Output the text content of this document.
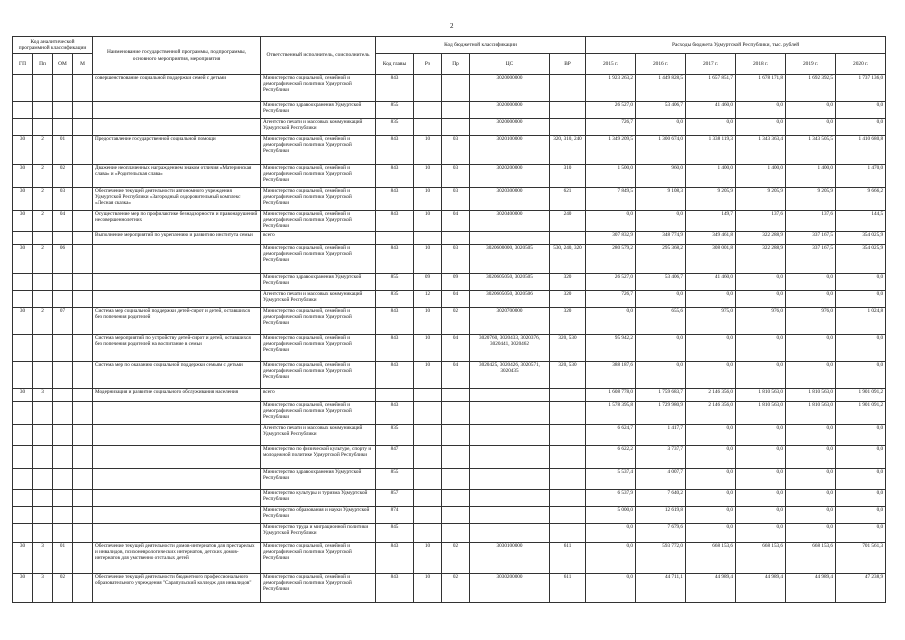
2
Код аналитической программной классификации				Наименование государственной программы, подпрограммы, основного мероприятия, мероприятия	Ответственный исполнитель, соисполнитель	Код бюджетной классификации					Расходы бюджета Удмуртской Республики, тыс. рублей					
ГП	Пп	ОМ	М			Код главы	Рз	Пр	ЦС	ВР	2015 г.	2016 г.	2017 г.	2018 г.	2019 г.	2020 г.
				совершенствование социальной поддержки семей с детьми	Министерство социальной, семейной и демографической политики Удмуртской Республики	843			3020000000		1 923 263,2	1 449 828,5	1 657 851,7	1 678 171,8	1 692 392,5	1 737 136,0
					Министерство здравоохранения Удмуртской Республики	855			3020000000		26 527,0	53 406,7	41 460,0	0,0	0,0	0,0
					Агентство печати и массовых коммуникаций Удмуртской Республики	835			3020000000		726,7	0,0	0,0	0,0	0,0	0,0
30	2	01		Предоставление государственной социальной помощи	Министерство социальной, семейной и демографической политики Удмуртской Республики	843	10	03	3020100000	320, 310, 240	1 349 209,5	1 300 674,0	1 338 119,3	1 343 363,4	1 343 505,5	1 410 680,8
30	2	02		Дважение неоплаченных награждением знаком отличия «Материнская слава» и «Родительская слава»	Министерство социальной, семейной и демографической политики Удмуртской Республики	843	10	03	3020200000	310	1 500,0	960,0	1 400,0	1 400,0	1 400,0	1 470,0
30	2	03		Обеспечение текущей деятельности автономного учреждения Удмуртской Республики «Загородный оздоровительный комплекс «Лесная сказка»	Министерство социальной, семейной и демографической политики Удмуртской Республики	843	10	03	3020300000	621	7 849,5	9 108,3	9 205,9	9 205,9	9 205,9	9 666,2
30	2	04		Осуществление мер по профилактике безнадзорности и правонарушений несовершеннолетних	Министерство социальной, семейной и демографической политики Удмуртской Республики	843	10	04	3020400000	240	0,0	0,0	149,7	137,6	137,6	144,5
				Выполнение мероприятий по укреплению и развитию института семьи	всего						307 832,9	348 774,9	349 461,8	322 288,9	337 167,5	354 025,9
30	2	06			Министерство социальной, семейной и демографической политики Удмуртской Республики	843	10	03	3020600000, 3020505	530, 240, 320	280 579,2	295 368,2	308 001,8	322 288,9	337 167,5	354 025,9
					Министерство здравоохранения Удмуртской Республики	855	09	09	3020605050, 3020505	320	26 527,0	53 406,7	41 460,0	0,0	0,0	0,0
					Агентство печати и массовых коммуникаций Удмуртской Республики	835	12	04	3020605050, 3020506	320	726,7	0,0	0,0	0,0	0,0	0,0
30	2	07		Система мер социальной поддержки детей-сирот и детей, оставшихся без попечения родителей	Министерство социальной, семейной и демографической политики Удмуртской Республики	843	10	02	3020700000	320	0,0	655,6	975,0	976,0	976,0	1 024,8
				Система мероприятий по устройству детей-сирот и детей, оставшихся без попечения родителей на воспитание в семьи	Министерство социальной, семейной и демографической политики Удмуртской Республики	843	10	04	3020760, 3020433, 3020376, 3020441, 3020462	320, 530	95 942,2	0,0	0,0	0,0	0,0	0,0
				Система мер по оказанию социальной поддержки семьям с детьми	Министерство социальной, семейной и демографической политики Удмуртской Республики	843	10	04	3020425, 3020426, 3020571, 3020435	320, 530	388 187,6	0,0	0,0	0,0	0,0	0,0
30	3			Модернизация и развитие социального обслуживания населения	всего						1 608 778,0	1 759 683,7	2 146 356,0	1 810 563,0	1 810 563,0	1 901 091,2
					Министерство социальной, семейной и демографической политики Удмуртской Республики	843					1 578 395,8	1 729 980,9	2 146 356,0	1 810 563,0	1 810 563,0	1 901 091,2
					Агентство печати и массовых коммуникаций Удмуртской Республики	835					6 624,7	1 417,7	0,0	0,0	0,0	0,0
					Министерство по физической культуре, спорту и молодежной политике Удмуртской Республики	847					6 622,2	3 737,7	0,0	0,0	0,0	0,0
					Министерство здравоохранения Удмуртской Республики	855					5 537,4	4 007,7	0,0	0,0	0,0	0,0
					Министерство культуры и туризма Удмуртской Республики	857					6 537,9	7 640,2	0,0	0,0	0,0	0,0
					Министерство образования и науки Удмуртской Республики	874					5 000,0	12 619,8	0,0	0,0	0,0	0,0
					Министерство труда и миграционной политики Удмуртской Республики	845					0,0	7 679,6	0,0	0,0	0,0	0,0
30	3	01		Обеспечение текущей деятельности домов-интернатов для престарелых и инвалидов, психоневрологических интернатов, детских домов-интернатов для умственно отсталых детей	Министерство социальной, семейной и демографической политики Удмуртской Республики	843	10	02	3030100000	611	0,0	593 772,0	668 153,6	668 153,6	668 153,6	701 561,3
30	3	02		Обеспечение текущей деятельности бюджетного профессионального образовательного учреждения "Сарапульский колледж для инвалидов"	Министерство социальной, семейной и демографической политики Удмуртской Республики	843	10	02	3030200000	611	0,0	44 711,1	44 989,4	44 989,4	44 989,4	47 238,9
